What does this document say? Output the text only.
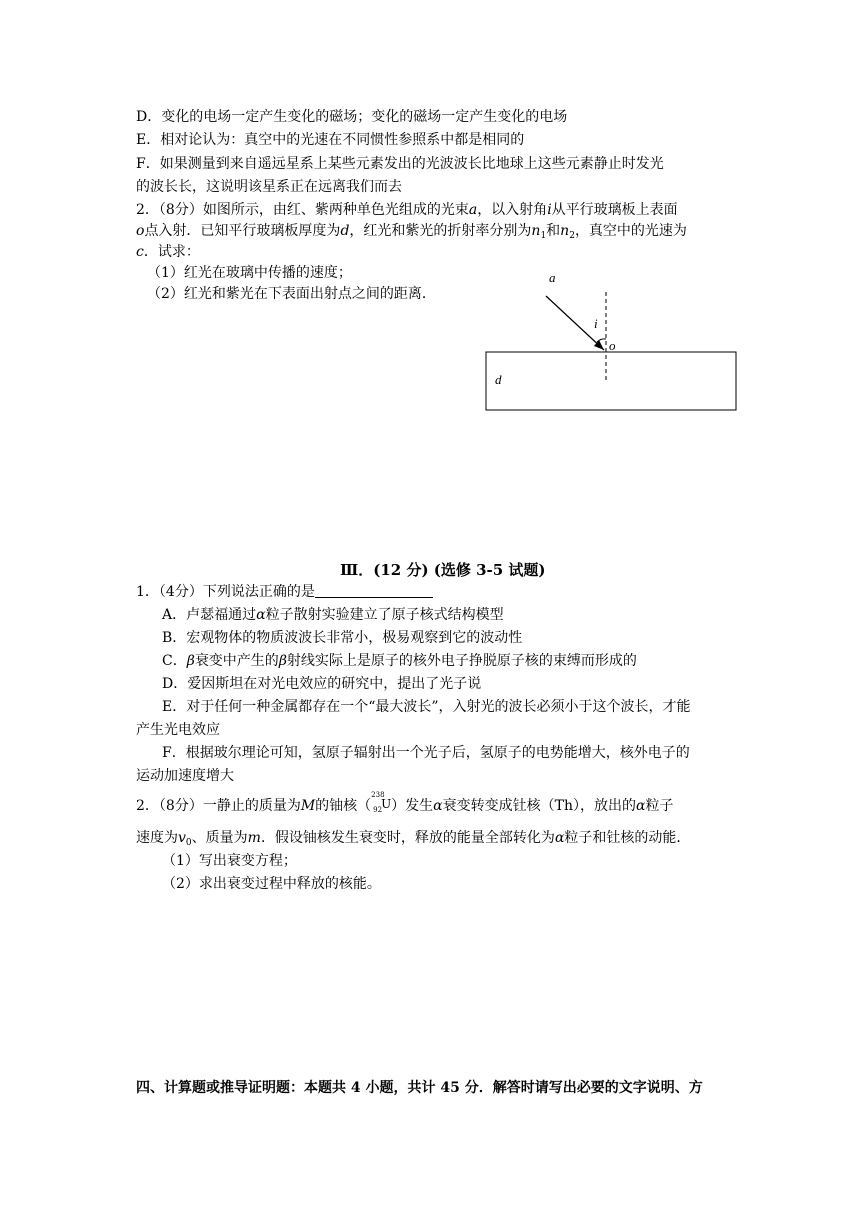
D．变化的电场一定产生变化的磁场；变化的磁场一定产生变化的电场
E．相对论认为：真空中的光速在不同惯性参照系中都是相同的
F．如果测量到来自遥远星系上某些元素发出的光波波长比地球上这些元素静止时发光
的波长长，这说明该星系正在远离我们而去
2．（8分）如图所示，由红、紫两种单色光组成的光束a，以入射角i从平行玻璃板上表面
o点入射．已知平行玻璃板厚度为d，红光和紫光的折射率分别为$n_1$和$n_2$，真空中的光速为
c．试求：
（1）红光在玻璃中传播的速度；
（2）红光和紫光在下表面出射点之间的距离．
a
i
o
d
Ⅲ．(12 分) (选修 3-5 试题)
1．（4分）下列说法正确的是
A．卢瑟福通过α粒子散射实验建立了原子核式结构模型
B．宏观物体的物质波波长非常小，极易观察到它的波动性
C．β衰变中产生的β射线实际上是原子的核外电子挣脱原子核的束缚而形成的
D．爱因斯坦在对光电效应的研究中，提出了光子说
E．对于任何一种金属都存在一个“最大波长”，入射光的波长必须小于这个波长，才能
产生光电效应
F．根据玻尔理论可知，氢原子辐射出一个光子后，氢原子的电势能增大，核外电子的
运动加速度增大
2．（8分）一静止的质量为M的铀核（
238
92 U ）发生α衰变转变成钍核（Th），放出的α粒子
速度为$v_0$、质量为m．假设铀核发生衰变时，释放的能量全部转化为α粒子和钍核的动能．
（1）写出衰变方程；
（2）求出衰变过程中释放的核能。
四、计算题或推导证明题：本题共 4 小题，共计 45 分．解答时请写出必要的文字说明、方
